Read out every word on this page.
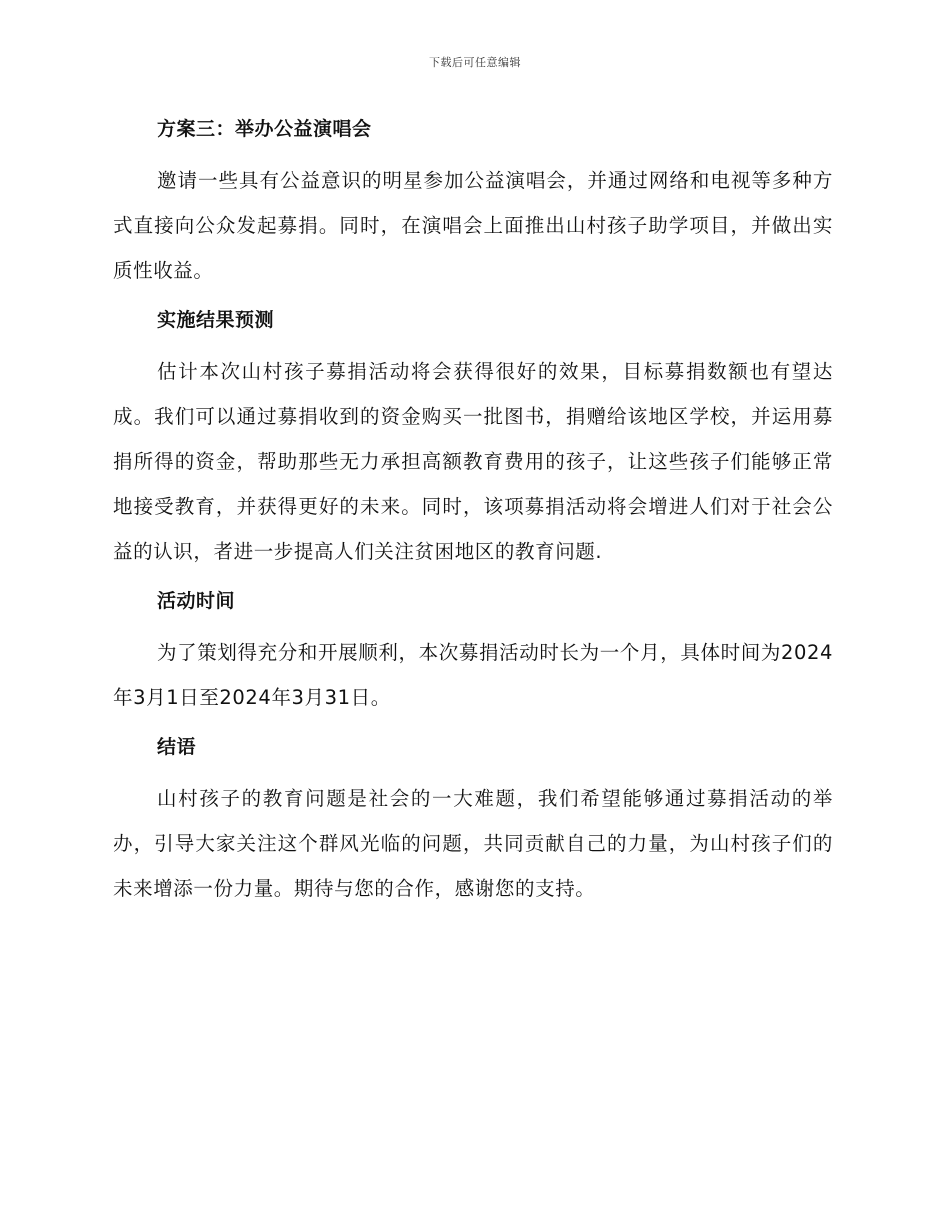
下载后可任意编辑
方案三：举办公益演唱会
邀请一些具有公益意识的明星参加公益演唱会，并通过网络和电视等多种方式直接向公众发起募捐。同时，在演唱会上面推出山村孩子助学项目，并做出实质性收益。
实施结果预测
估计本次山村孩子募捐活动将会获得很好的效果，目标募捐数额也有望达成。我们可以通过募捐收到的资金购买一批图书，捐赠给该地区学校，并运用募捐所得的资金，帮助那些无力承担高额教育费用的孩子，让这些孩子们能够正常地接受教育，并获得更好的未来。同时，该项募捐活动将会增进人们对于社会公益的认识，者进一步提高人们关注贫困地区的教育问题.
活动时间
为了策划得充分和开展顺利，本次募捐活动时长为一个月，具体时间为2024年3月1日至2024年3月31日。
结语
山村孩子的教育问题是社会的一大难题，我们希望能够通过募捐活动的举办，引导大家关注这个群风光临的问题，共同贡献自己的力量，为山村孩子们的未来增添一份力量。期待与您的合作，感谢您的支持。
